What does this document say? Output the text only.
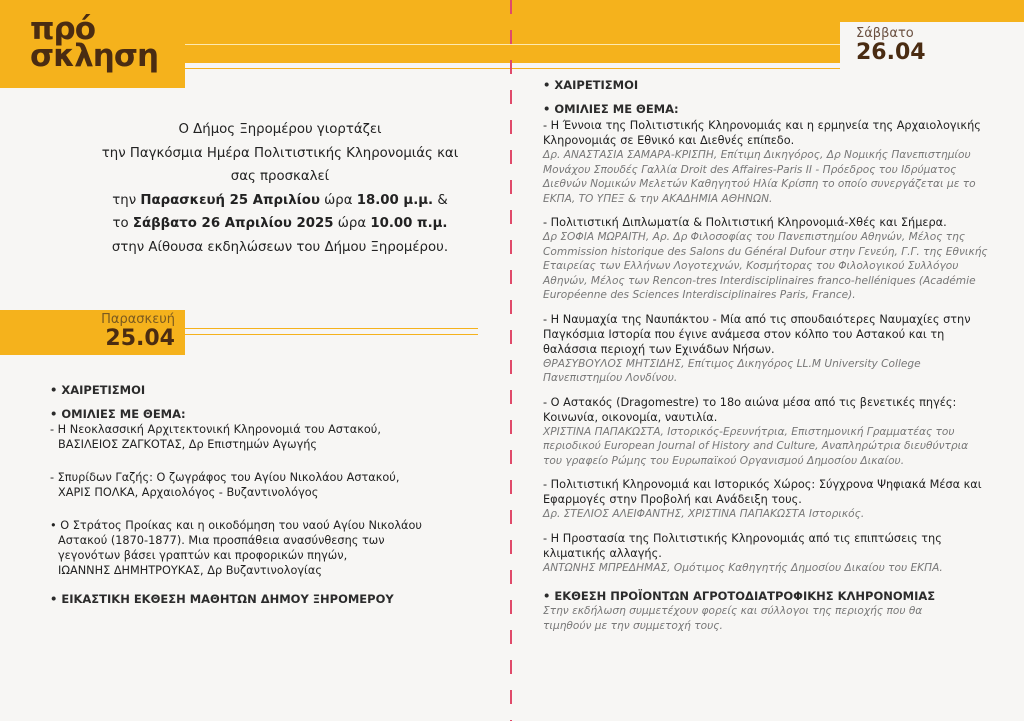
Σάββατο
26.04
πρό
σκληση
Ο Δήμος Ξηρομέρου γιορτάζει
την Παγκόσμια Ημέρα Πολιτιστικής Κληρονομιάς και
σας προσκαλεί
την Παρασκευή 25 Απριλίου ώρα 18.00 μ.μ. &
το Σάββατο 26 Απριλίου 2025 ώρα 10.00 π.μ.
στην Αίθουσα εκδηλώσεων του Δήμου Ξηρομέρου.
Παρασκευή
25.04
• ΧΑΙΡΕΤΙΣΜΟΙ
• ΟΜΙΛΙΕΣ ΜΕ ΘΕΜΑ:
- Η Νεοκλασσική Αρχιτεκτονική Κληρονομιά του Αστακού,
ΒΑΣΙΛΕΙΟΣ ΖΑΓΚΟΤΑΣ, Δρ Επιστημών Αγωγής
- Σπυρίδων Γαζής: Ο ζωγράφος του Αγίου Νικολάου Αστακού,
ΧΑΡΙΣ ΠΟΛΚΑ, Αρχαιολόγος - Βυζαντινολόγος
• Ο Στράτος Προίκας και η οικοδόμηση του ναού Αγίου Νικολάου
Αστακού (1870-1877). Μια προσπάθεια ανασύνθεσης των
γεγονότων βάσει γραπτών και προφορικών πηγών,
ΙΩΑΝΝΗΣ ΔΗΜΗΤΡΟΥΚΑΣ, Δρ Βυζαντινολογίας
• ΕΙΚΑΣΤΙΚΗ ΕΚΘΕΣΗ ΜΑΘΗΤΩΝ ΔΗΜΟΥ ΞΗΡΟΜΕΡΟΥ
• ΧΑΙΡΕΤΙΣΜΟΙ
• ΟΜΙΛΙΕΣ ΜΕ ΘΕΜΑ:
- Η Έννοια της Πολιτιστικής Κληρονομιάς και η ερμηνεία της Αρχαιολογικής Κληρονομιάς σε Εθνικό και Διεθνές επίπεδο.
Δρ. ΑΝΑΣΤΑΣΙΑ ΣΑΜΑΡΑ-ΚΡΙΣΠΗ, Επίτιμη Δικηγόρος, Δρ Νομικής Πανεπιστημίου Μονάχου Σπουδές Γαλλία Droit des Affaires-Paris II - Πρόεδρος του Ιδρύματος Διεθνών Νομικών Μελετών Καθηγητού Ηλία Κρίσπη το οποίο συνεργάζεται με το ΕΚΠΑ, ΤΟ ΥΠΕΞ & την ΑΚΑΔΗΜΙΑ ΑΘΗΝΩΝ.
- Πολιτιστική Διπλωματία & Πολιτιστική Κληρονομιά-Χθές και Σήμερα.
Δρ ΣΟΦΙΑ ΜΩΡΑΙΤΗ, Αρ. Δρ Φιλοσοφίας του Πανεπιστημίου Αθηνών, Μέλος της Commission historique des Salons du Général Dufour στην Γενεύη, Γ.Γ. της Εθνικής Εταιρείας των Ελλήνων Λογοτεχνών, Κοσμήτορας του Φιλολογικού Συλλόγου Αθηνών, Μέλος των Rencon-tres Interdisciplinaires franco-helléniques (Académie Européenne des Sciences Interdisciplinaires Paris, France).
- Η Ναυμαχία της Ναυπάκτου - Μία από τις σπουδαιότερες Ναυμαχίες στην Παγκόσμια Ιστορία που έγινε ανάμεσα στον κόλπο του Αστακού και τη θαλάσσια περιοχή των Εχινάδων Νήσων.
ΘΡΑΣΥΒΟΥΛΟΣ ΜΗΤΣΙΔΗΣ, Επίτιμος Δικηγόρος LL.M University College Πανεπιστημίου Λονδίνου.
- Ο Αστακός (Dragomestre) το 18ο αιώνα μέσα από τις βενετικές πηγές: Κοινωνία, οικονομία, ναυτιλία.
ΧΡΙΣΤΙΝΑ ΠΑΠΑΚΩΣΤΑ, Ιστορικός-Ερευνήτρια, Επιστημονική Γραμματέας του περιοδικού European Journal of History and Culture, Αναπληρώτρια διευθύντρια του γραφείο Ρώμης του Ευρωπαϊκού Οργανισμού Δημοσίου Δικαίου.
- Πολιτιστική Κληρονομιά και Ιστορικός Χώρος: Σύγχρονα Ψηφιακά Μέσα και Εφαρμογές στην Προβολή και Ανάδειξη τους.
Δρ. ΣΤΕΛΙΟΣ ΑΛΕΙΦΑΝΤΗΣ, ΧΡΙΣΤΙΝΑ ΠΑΠΑΚΩΣΤΑ Ιστορικός.
- Η Προστασία της Πολιτιστικής Κληρονομιάς από τις επιπτώσεις της κλιματικής αλλαγής.
ΑΝΤΩΝΗΣ ΜΠΡΕΔΗΜΑΣ, Ομότιμος Καθηγητής Δημοσίου Δικαίου του ΕΚΠΑ.
• ΕΚΘΕΣΗ ΠΡΟΪΟΝΤΩΝ ΑΓΡΟΤΟΔΙΑΤΡΟΦΙΚΗΣ ΚΛΗΡΟΝΟΜΙΑΣ
Στην εκδήλωση συμμετέχουν φορείς και σύλλογοι της περιοχής που θα τιμηθούν με την συμμετοχή τους.
